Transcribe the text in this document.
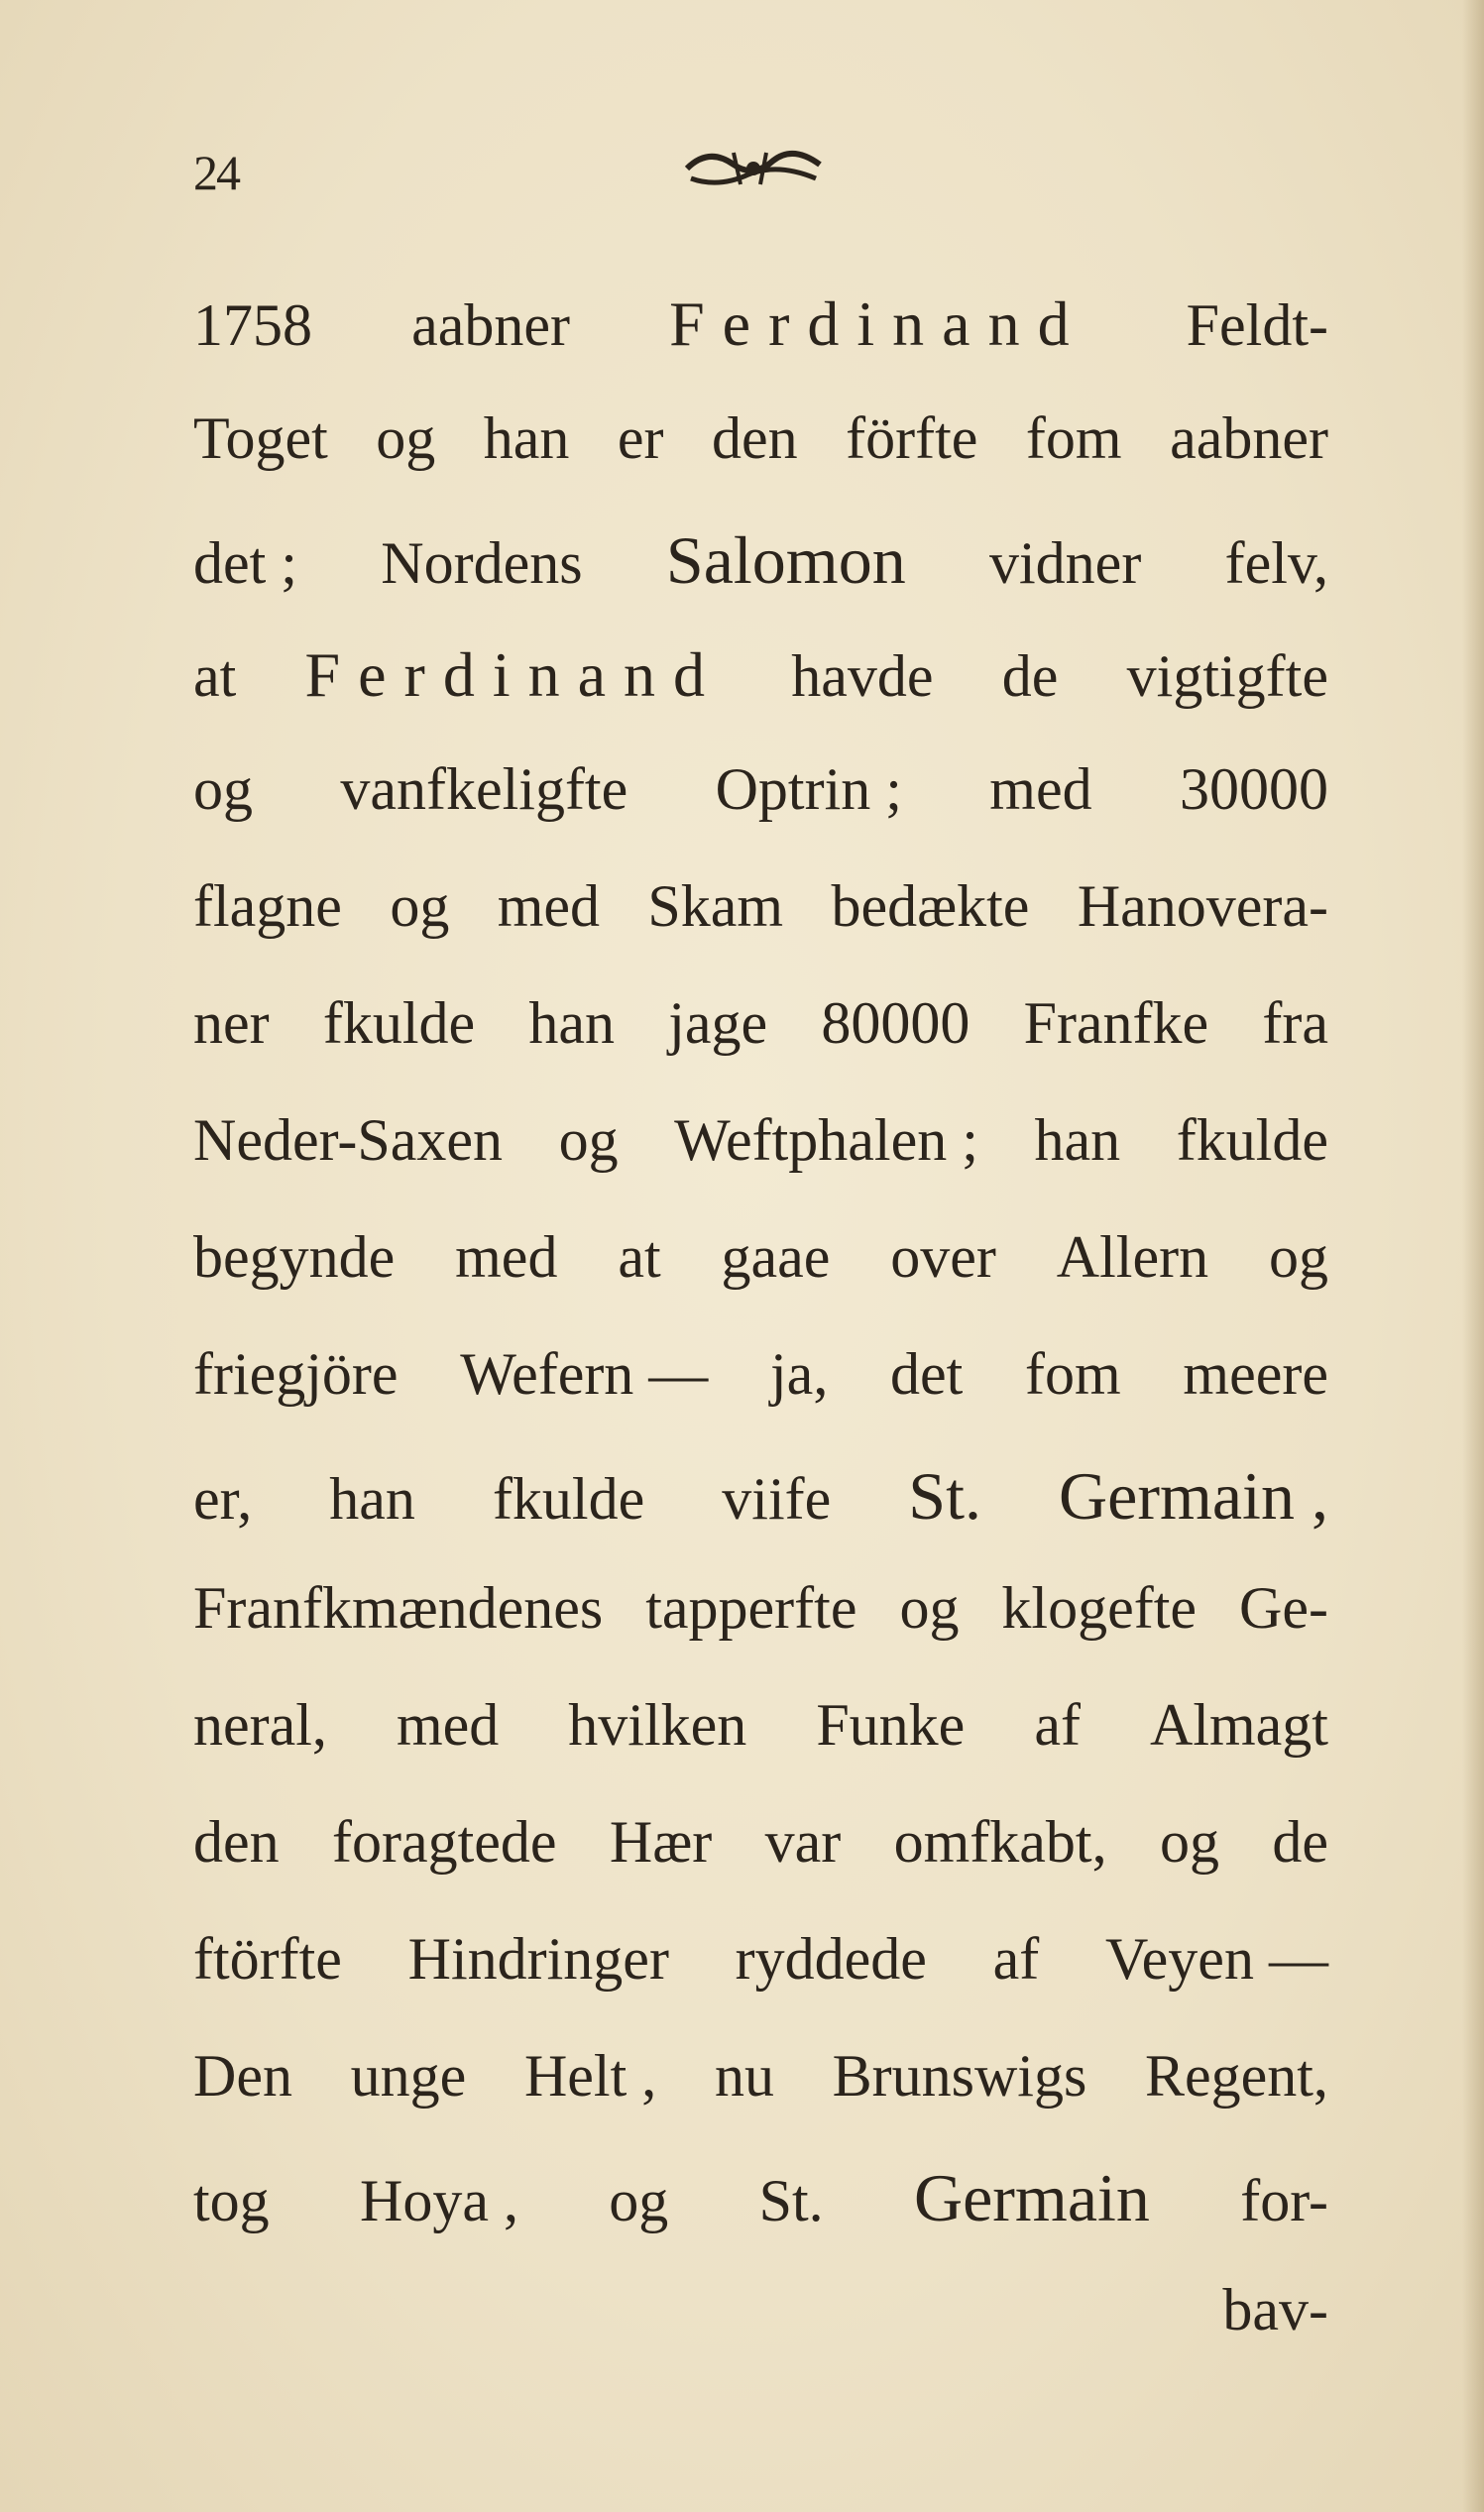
24
1758 aabner Ferdinand Feldt-
Toget og han er den förfte fom aabner
det ; Nordens Salomon vidner felv,
at Ferdinand havde de vigtigfte
og vanfkeligfte Optrin ; med 30000
flagne og med Skam bedækte Hanovera-
ner fkulde han jage 80000 Franfke fra
Neder-Saxen og Weftphalen ; han fkulde
begynde med at gaae over Allern og
friegjöre Wefern — ja, det fom meere
er, han fkulde viife St. Germain ,
Franfkmændenes tapperfte og klogefte Ge-
neral, med hvilken Funke af Almagt
den foragtede Hær var omfkabt, og de
ftörfte Hindringer ryddede af Veyen —
Den unge Helt , nu Brunswigs Regent,
tog Hoya , og St. Germain for-
bav-
